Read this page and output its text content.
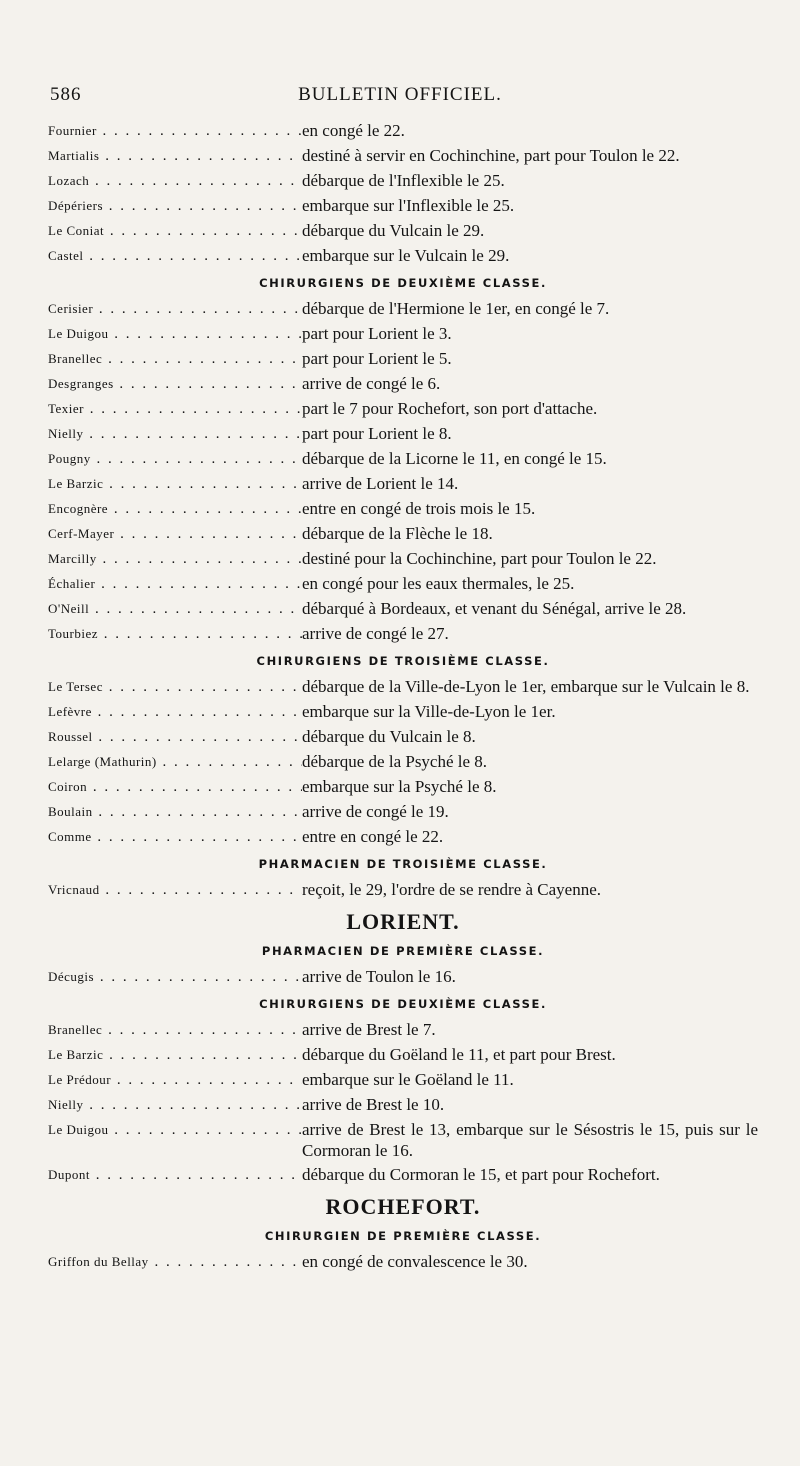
586	BULLETIN OFFICIEL.
Fournier . . .	en congé le 22.
Martialis . . .	destiné à servir en Cochinchine, part pour Toulon le 22.
Lozach . . .	débarque de l'Inflexible le 25.
Dépériers . . .	embarque sur l'Inflexible le 25.
Le Coniat . . .	débarque du Vulcain le 29.
Castel . . .	embarque sur le Vulcain le 29.
CHIRURGIENS DE DEUXIÈME CLASSE.
Cerisier . . .	débarque de l'Hermione le 1er, en congé le 7.
Le Duigou . . .	part pour Lorient le 3.
Branellec . . .	part pour Lorient le 5.
Desgranges . . .	arrive de congé le 6.
Texier . . .	part le 7 pour Rochefort, son port d'attache.
Nielly . . .	part pour Lorient le 8.
Pougny . . .	débarque de la Licorne le 11, en congé le 15.
Le Barzic . . .	arrive de Lorient le 14.
Encognère . . .	entre en congé de trois mois le 15.
Cerf-Mayer . . .	débarque de la Flèche le 18.
Marcilly . . .	destiné pour la Cochinchine, part pour Toulon le 22.
Échalier . . .	en congé pour les eaux thermales, le 25.
O'Neill . . .	débarqué à Bordeaux, et venant du Sénégal, arrive le 28.
Tourbiez . . .	arrive de congé le 27.
CHIRURGIENS DE TROISIÈME CLASSE.
Le Tersec . . .	débarque de la Ville-de-Lyon le 1er, embarque sur le Vulcain le 8.
Lefèvre . . .	embarque sur la Ville-de-Lyon le 1er.
Roussel . . .	débarque du Vulcain le 8.
Lelarge (Mathurin) . . .	débarque de la Psyché le 8.
Coiron . . .	embarque sur la Psyché le 8.
Boulain . . .	arrive de congé le 19.
Comme . . .	entre en congé le 22.
PHARMACIEN DE TROISIÈME CLASSE.
Vricnaud . . .	reçoit, le 29, l'ordre de se rendre à Cayenne.
LORIENT.
PHARMACIEN DE PREMIÈRE CLASSE.
Décugis . . .	arrive de Toulon le 16.
CHIRURGIENS DE DEUXIÈME CLASSE.
Branellec . . .	arrive de Brest le 7.
Le Barzic . . .	débarque du Goëland le 11, et part pour Brest.
Le Prédour . . .	embarque sur le Goëland le 11.
Nielly . . .	arrive de Brest le 10.
Le Duigou . . .	arrive de Brest le 13, embarque sur le Sésostris le 15, puis sur le Cormoran le 16.
Dupont . . .	débarque du Cormoran le 15, et part pour Rochefort.
ROCHEFORT.
CHIRURGIEN DE PREMIÈRE CLASSE.
Griffon du Bellay . . .	en congé de convalescence le 30.
